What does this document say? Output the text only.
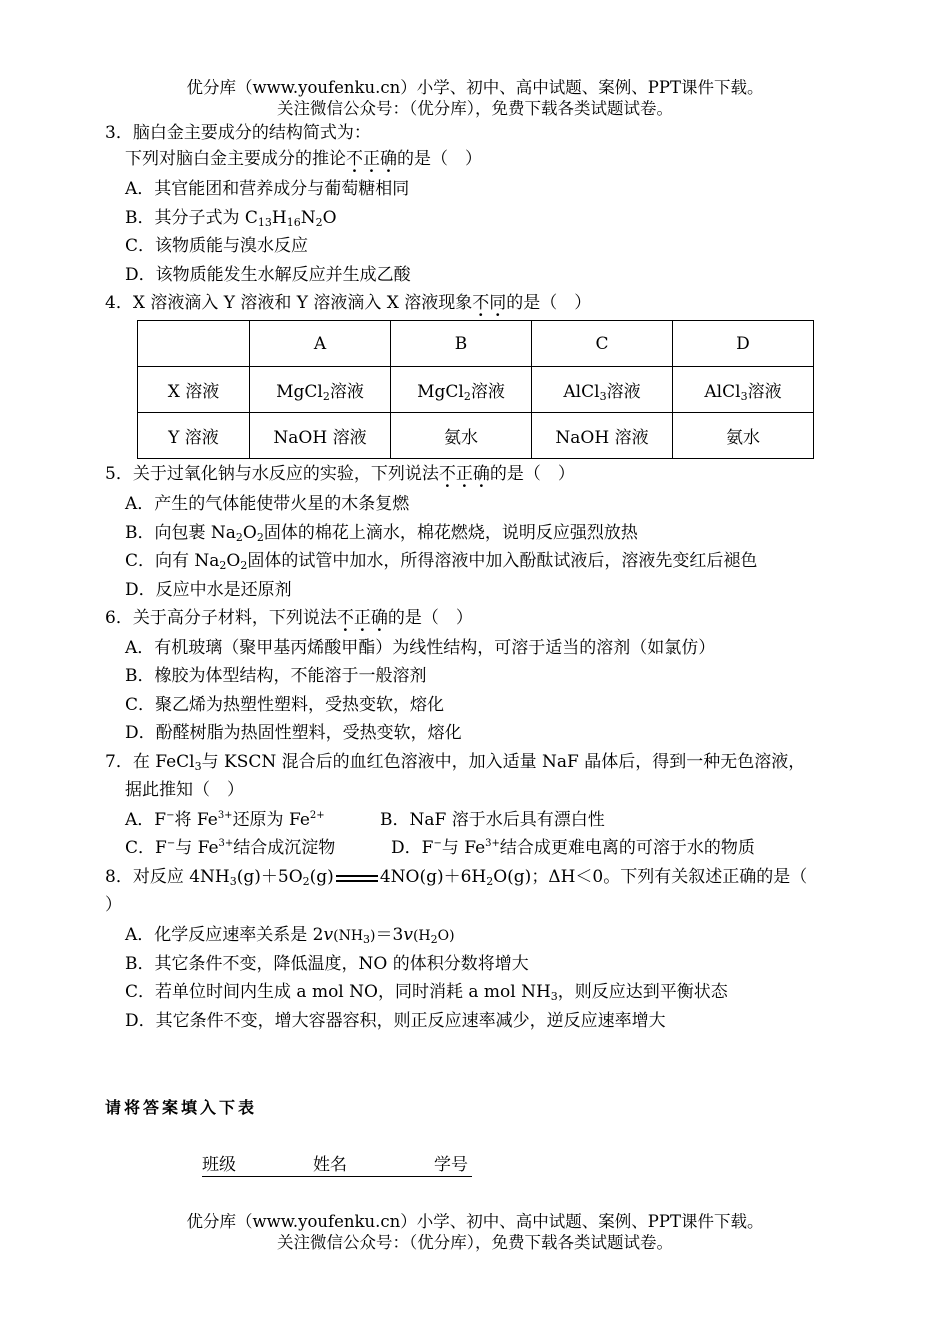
优分库（www.youfenku.cn）小学、初中、高中试题、案例、PPT课件下载。
关注微信公众号：（优分库），免费下载各类试题试卷。
3．脑白金主要成分的结构简式为：
下列对脑白金主要成分的推论不正确的是（　）
A．其官能团和营养成分与葡萄糖相同
B．其分子式为 $C_{13}H_{16}N_2O$
C．该物质能与溴水反应
D．该物质能发生水解反应并生成乙酸
4．X 溶液滴入 Y 溶液和 Y 溶液滴入 X 溶液现象不同的是（　）
	A	B	C	D
X 溶液	MgCl$_2$溶液	MgCl$_2$溶液	AlCl$_3$溶液	AlCl$_3$溶液
Y 溶液	NaOH 溶液	氨水	NaOH 溶液	氨水
5．关于过氧化钠与水反应的实验，下列说法不正确的是（　）
A．产生的气体能使带火星的木条复燃
B．向包裹 $Na_2O_2$固体的棉花上滴水，棉花燃烧，说明反应强烈放热
C．向有 $Na_2O_2$固体的试管中加水，所得溶液中加入酚酞试液后，溶液先变红后褪色
D．反应中水是还原剂
6．关于高分子材料，下列说法不正确的是（　）
A．有机玻璃（聚甲基丙烯酸甲酯）为线性结构，可溶于适当的溶剂（如氯仿）
B．橡胶为体型结构，不能溶于一般溶剂
C．聚乙烯为热塑性塑料，受热变软，熔化
D．酚醛树脂为热固性塑料，受热变软，熔化
7．在 FeCl$_3$与 KSCN 混合后的血红色溶液中，加入适量 NaF 晶体后，得到一种无色溶液，
据此推知（　）
A．F−将 $Fe^{3+}$还原为 $Fe^{2+}$	B．NaF 溶于水后具有漂白性
C．F−与 $Fe^{3+}$结合成沉淀物	D．F−与 $Fe^{3+}$结合成更难电离的可溶于水的物质
8．对反应 $4NH_3(g)+5O_2(g)$	$4NO(g)+6H_2O(g)$；ΔH＜0。下列有关叙述正确的是（
）
A．化学反应速率关系是 $2v(NH_3)=3v(H_2O)$
B．其它条件不变，降低温度，NO 的体积分数将增大
C．若单位时间内生成 a mol NO，同时消耗 a mol $NH_3$，则反应达到平衡状态
D．其它条件不变，增大容器容积，则正反应速率减少，逆反应速率增大
请将答案填入下表
班级	姓名	学号
优分库（www.youfenku.cn）小学、初中、高中试题、案例、PPT课件下载。
关注微信公众号：（优分库），免费下载各类试题试卷。
